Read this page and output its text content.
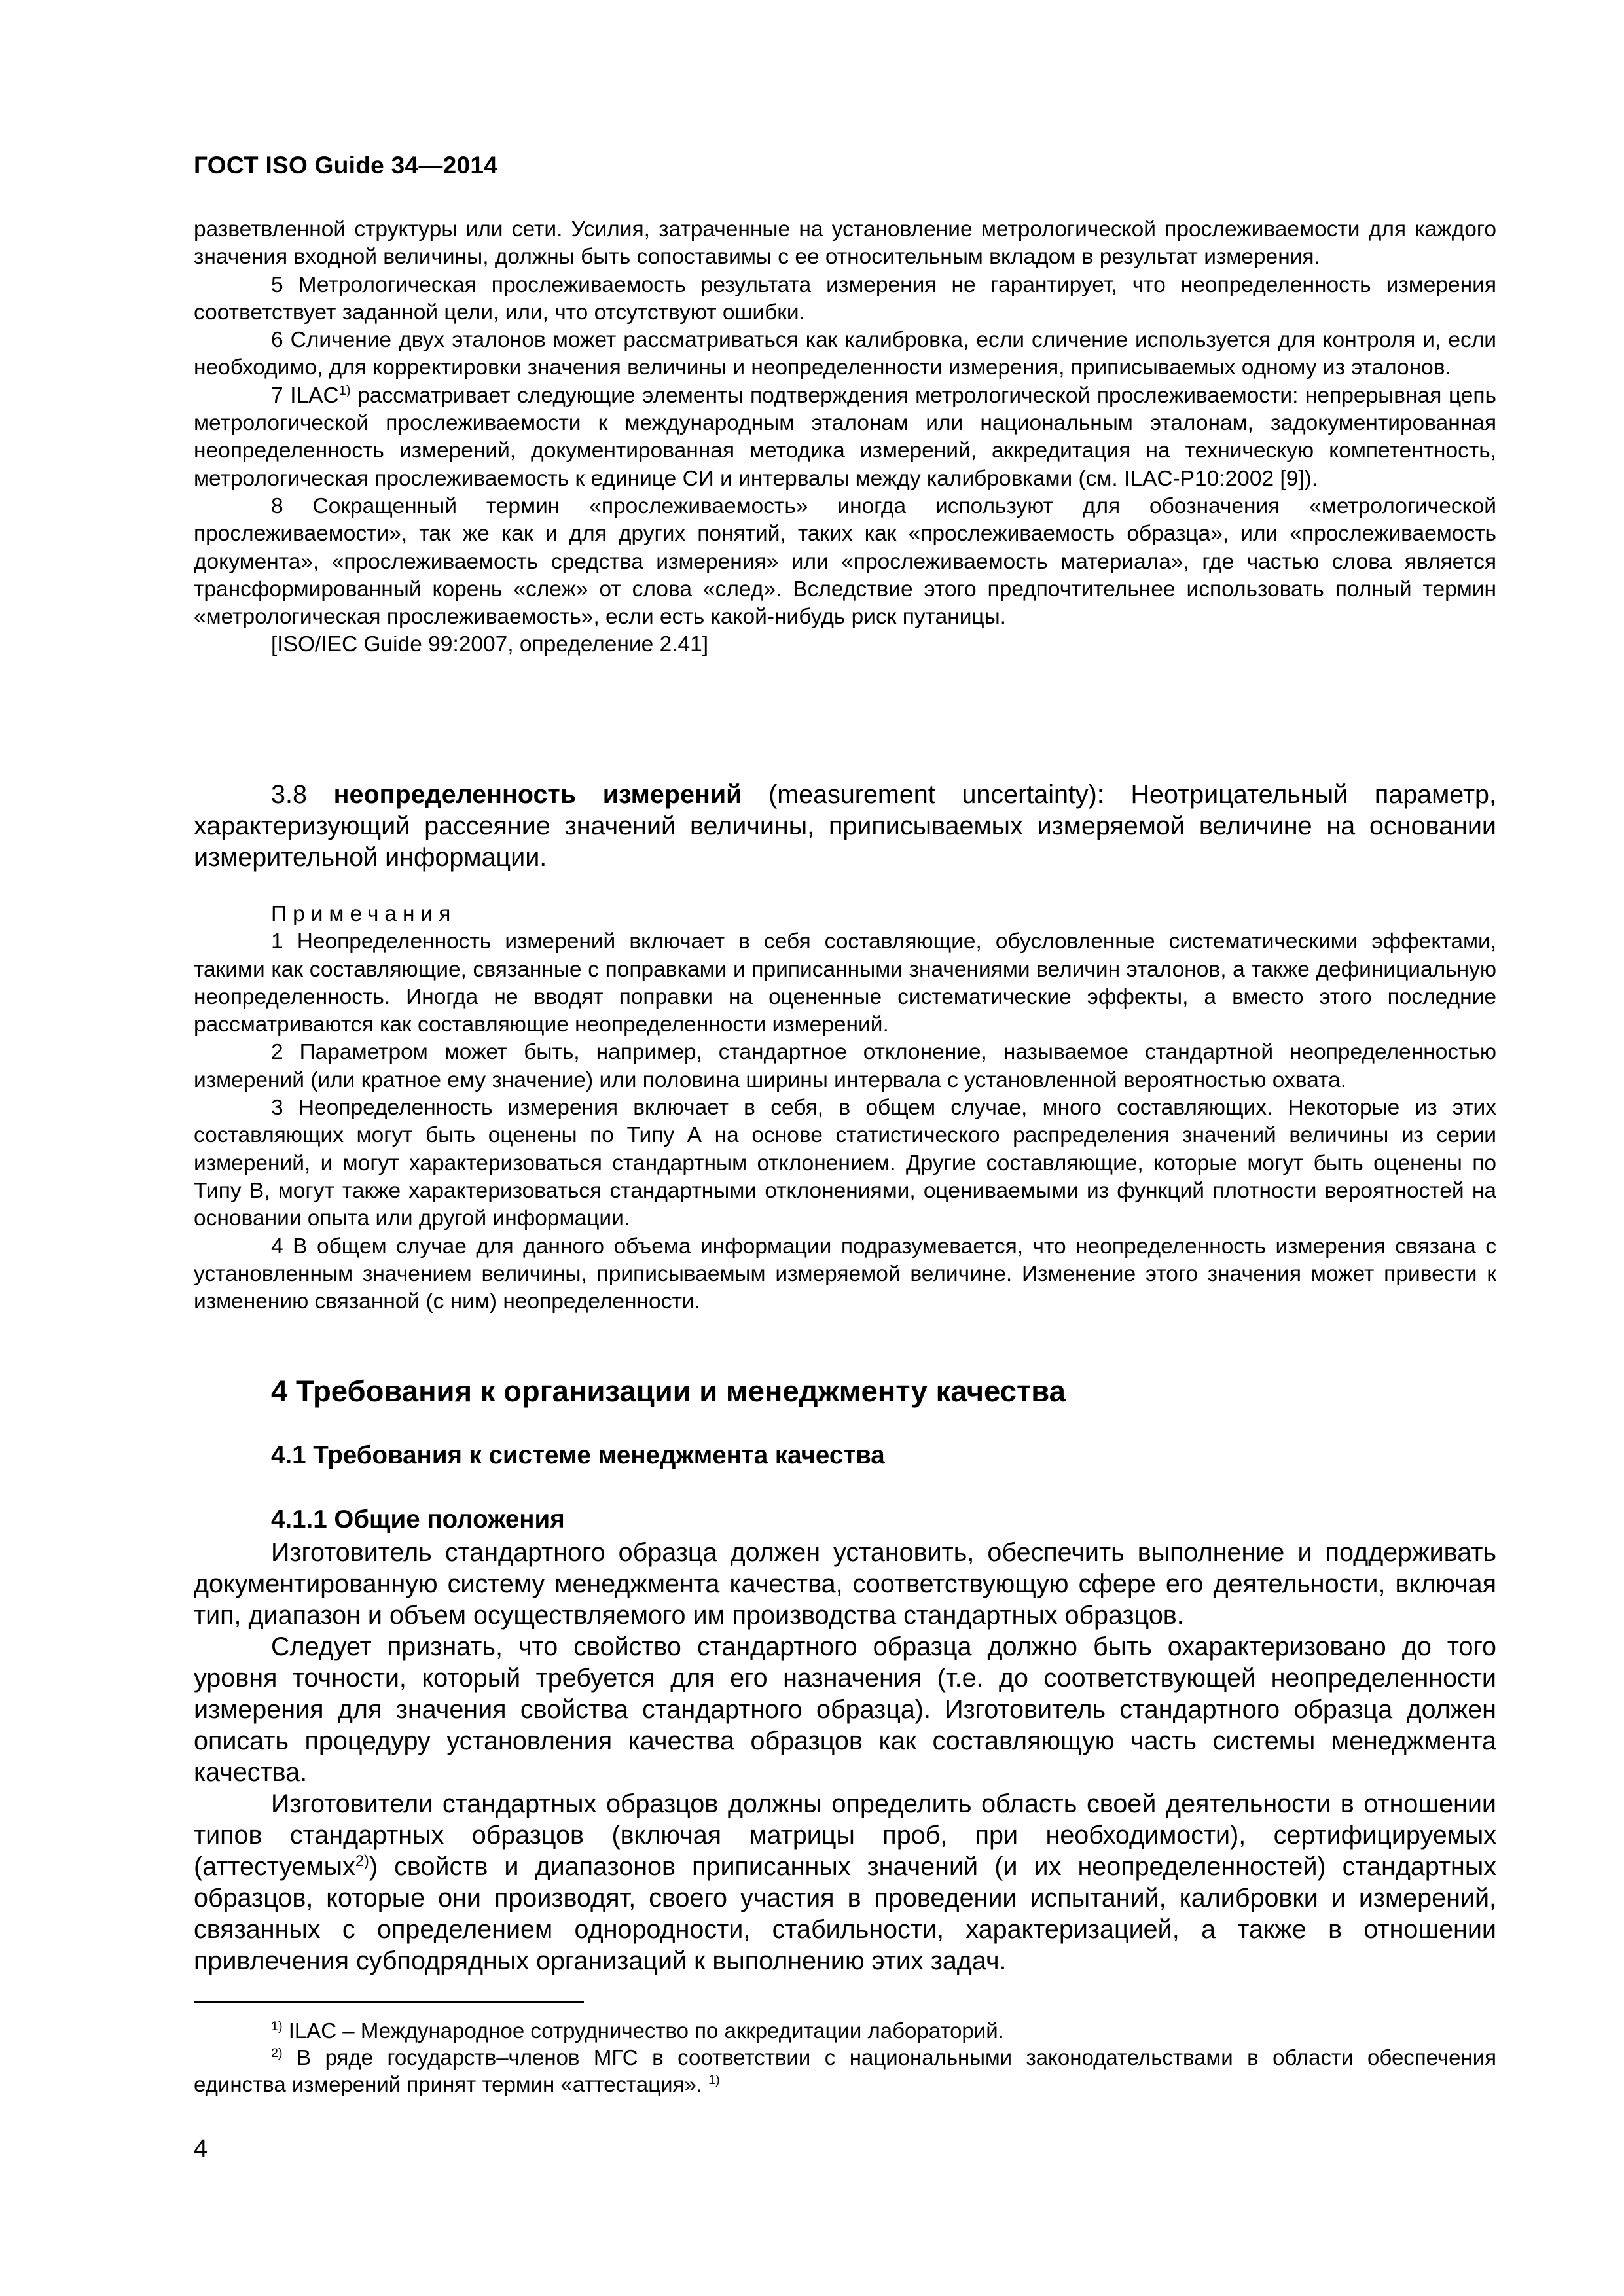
ГОСТ ISO Guide 34—2014

разветвленной структуры или сети. Усилия, затраченные на установление метрологической прослеживаемости для каждого значения входной величины, должны быть сопоставимы с ее относительным вкладом в результат измерения.

5 Метрологическая прослеживаемость результата измерения не гарантирует, что неопределенность измерения соответствует заданной цели, или, что отсутствуют ошибки.

6 Сличение двух эталонов может рассматриваться как калибровка, если сличение используется для контроля и, если необходимо, для корректировки значения величины и неопределенности измерения, приписываемых одному из эталонов.

7 ILAC$^{1)}$ рассматривает следующие элементы подтверждения метрологической прослеживаемости: непрерывная цепь метрологической прослеживаемости к международным эталонам или национальным эталонам, задокументированная неопределенность измерений, документированная методика измерений, аккредитация на техническую компетентность, метрологическая прослеживаемость к единице СИ и интервалы между калибровками (см. ILAC-P10:2002 [9]).

8 Сокращенный термин «прослеживаемость» иногда используют для обозначения «метрологической прослеживаемости», так же как и для других понятий, таких как «прослеживаемость образца», или «прослеживаемость документа», «прослеживаемость средства измерения» или «прослеживаемость материала», где частью слова является трансформированный корень «слеж» от слова «след». Вследствие этого предпочтительнее использовать полный термин «метрологическая прослеживаемость», если есть какой-нибудь риск путаницы.

[ISO/IEC Guide 99:2007, определение 2.41]

3.8 неопределенность измерений (measurement uncertainty): Неотрицательный параметр, характеризующий рассеяние значений величины, приписываемых измеряемой величине на основании измерительной информации.

Примечания

1 Неопределенность измерений включает в себя составляющие, обусловленные систематическими эффектами, такими как составляющие, связанные с поправками и приписанными значениями величин эталонов, а также дефинициальную неопределенность. Иногда не вводят поправки на оцененные систематические эффекты, а вместо этого последние рассматриваются как составляющие неопределенности измерений.

2 Параметром может быть, например, стандартное отклонение, называемое стандартной неопределенностью измерений (или кратное ему значение) или половина ширины интервала с установленной вероятностью охвата.

3 Неопределенность измерения включает в себя, в общем случае, много составляющих. Некоторые из этих составляющих могут быть оценены по Типу А на основе статистического распределения значений величины из серии измерений, и могут характеризоваться стандартным отклонением. Другие составляющие, которые могут быть оценены по Типу В, могут также характеризоваться стандартными отклонениями, оцениваемыми из функций плотности вероятностей на основании опыта или другой информации.

4 В общем случае для данного объема информации подразумевается, что неопределенность измерения связана с установленным значением величины, приписываемым измеряемой величине. Изменение этого значения может привести к изменению связанной (с ним) неопределенности.

4 Требования к организации и менеджменту качества
4.1 Требования к системе менеджмента качества
4.1.1 Общие положения

Изготовитель стандартного образца должен установить, обеспечить выполнение и поддерживать документированную систему менеджмента качества, соответствующую сфере его деятельности, включая тип, диапазон и объем осуществляемого им производства стандартных образцов.

Следует признать, что свойство стандартного образца должно быть охарактеризовано до того уровня точности, который требуется для его назначения (т.е. до соответствующей неопределенности измерения для значения свойства стандартного образца). Изготовитель стандартного образца должен описать процедуру установления качества образцов как составляющую часть системы менеджмента качества.

Изготовители стандартных образцов должны определить область своей деятельности в отношении типов стандартных образцов (включая матрицы проб, при необходимости), сертифицируемых (аттестуемых$^{2)}$) свойств и диапазонов приписанных значений (и их неопределенностей) стандартных образцов, которые они производят, своего участия в проведении испытаний, калибровки и измерений, связанных с определением однородности, стабильности, характеризацией, а также в отношении привлечения субподрядных организаций к выполнению этих задач.

$^{1)}$ ILAC – Международное сотрудничество по аккредитации лабораторий.

$^{2)}$ В ряде государств–членов МГС в соответствии с национальными законодательствами в области обеспечения единства измерений принят термин «аттестация». $^{1)}$

4
